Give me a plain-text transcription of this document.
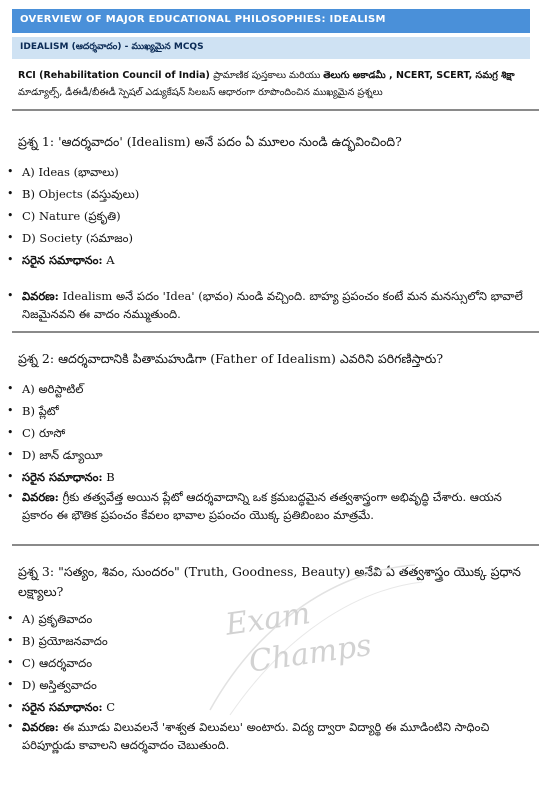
OVERVIEW OF MAJOR EDUCATIONAL PHILOSOPHIES: IDEALISM
IDEALISM (ఆదర్శవాదం) - ముఖ్యమైన MCQS
RCI (Rehabilitation Council of India) ప్రామాణిక పుస్తకాలు మరియు తెలుగు అకాడమీ , NCERT, SCERT, సమగ్ర శిక్షా
మాడ్యూల్స్, డీఈడీ/బీఈడీ స్పెషల్ ఎడ్యుకేషన్ సిలబస్ ఆధారంగా రూపొందించిన ముఖ్యమైన ప్రశ్నలు
ప్రశ్న 1: 'ఆదర్శవాదం' (Idealism) అనే పదం ఏ మూలం నుండి ఉద్భవించింది?
• A) Ideas (భావాలు)
• B) Objects (వస్తువులు)
• C) Nature (ప్రకృతి)
• D) Society (సమాజం)
• సరైన సమాధానం: A
• వివరణ: Idealism అనే పదం 'Idea' (భావం) నుండి వచ్చింది. బాహ్య ప్రపంచం కంటే మన మనస్సులోని భావాలే నిజమైనవని ఈ వాదం నమ్ముతుంది.
ప్రశ్న 2: ఆదర్శవాదానికి పితామహుడిగా (Father of Idealism) ఎవరిని పరిగణిస్తారు?
• A) అరిస్టాటిల్
• B) ప్లేటో
• C) రూసో
• D) జాన్ డ్యూయీ
• సరైన సమాధానం: B
• వివరణ: గ్రీకు తత్వవేత్త అయిన ప్లేటో ఆదర్శవాదాన్ని ఒక క్రమబద్ధమైన తత్వశాస్త్రంగా అభివృద్ధి చేశారు. ఆయన ప్రకారం ఈ భౌతిక ప్రపంచం కేవలం భావాల ప్రపంచం యొక్క ప్రతిబింబం మాత్రమే.
ప్రశ్న 3: "సత్యం, శివం, సుందరం" (Truth, Goodness, Beauty) అనేవి ఏ తత్వశాస్త్రం యొక్క ప్రధాన లక్ష్యాలు?
• A) ప్రకృతివాదం
• B) ప్రయోజనవాదం
• C) ఆదర్శవాదం
• D) అస్తిత్వవాదం
• సరైన సమాధానం: C
• వివరణ: ఈ మూడు విలువలనే 'శాశ్వత విలువలు' అంటారు. విద్య ద్వారా విద్యార్థి ఈ మూడింటిని సాధించి పరిపూర్ణుడు కావాలని ఆదర్శవాదం చెబుతుంది.
Exam
Champs
